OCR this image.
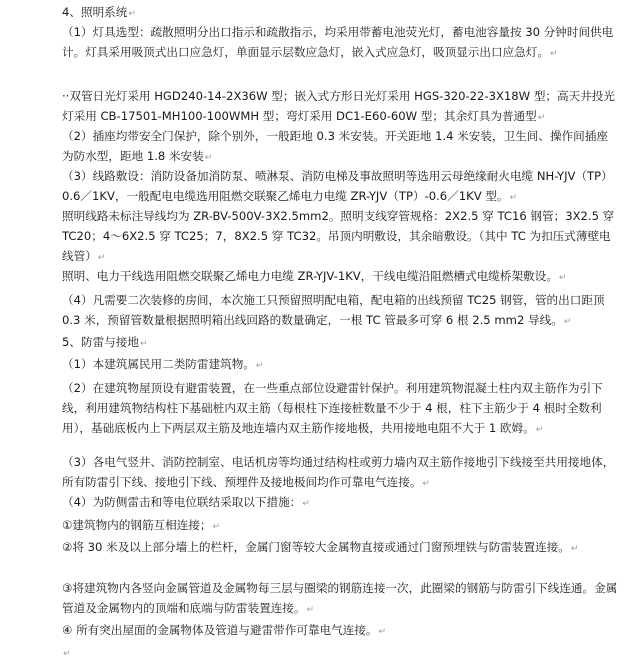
4、照明系统↵

（1）灯具选型：疏散照明分出口指示和疏散指示，均采用带蓄电池荧光灯，蓄电池容量按 30 分钟时间供电计。灯具采用吸顶式出口应急灯，单面显示层数应急灯，嵌入式应急灯，吸顶显示出口应急灯。↵

··双管日光灯采用 HGD240-14-2X36W 型；嵌入式方形日光灯采用 HGS-320-22-3X18W 型；高天井投光灯采用 CB-17501-MH100-100WMH 型；弯灯采用 DC1-E60-60W 型；其余灯具为普通型↵

（2）插座均带安全门保护，除个别外，一般距地 0.3 米安装。开关距地 1.4 米安装，卫生间、操作间插座为防水型，距地 1.8 米安装↵

（3）线路敷设：消防设备加消防泵、喷淋泵、消防电梯及事故照明等选用云母绝缘耐火电缆 NH-YJV（TP）0.6／1KV，一般配电电缆选用阻燃交联聚乙烯电力电缆 ZR-YJV（TP）-0.6／1KV 型。↵

照明线路未标注导线均为 ZR-BV-500V-3X2.5mm2。照明支线穿管规格：2X2.5 穿 TC16 钢管；3X2.5 穿 TC20；4～6X2.5 穿 TC25；7，8X2.5 穿 TC32。吊顶内明敷设，其余暗敷设。（其中 TC 为扣压式薄壁电线管）↵

照明、电力干线选用阻燃交联聚乙烯电力电缆 ZR-YJV-1KV，干线电缆沿阻燃槽式电缆桥架敷设。↵

（4）凡需要二次装修的房间，本次施工只预留照明配电箱，配电箱的出线预留 TC25 钢管，管的出口距顶 0.3 米，预留管数量根据照明箱出线回路的数量确定，一根 TC 管最多可穿 6 根 2.5 mm2 导线。↵

5、防雷与接地↵

（1）本建筑属民用二类防雷建筑物。↵

（2）在建筑物屋顶设有避雷装置，在一些重点部位设避雷针保护。利用建筑物混凝土柱内双主筋作为引下线，利用建筑物结构柱下基础桩内双主筋（每根柱下连接桩数量不少于 4 根，柱下主筋少于 4 根时全数利用），基础底板内上下两层双主筋及地连墙内双主筋作接地极，共用接地电阻不大于 1 欧姆。↵

（3）各电气竖井、消防控制室、电话机房等均通过结构柱或剪力墙内双主筋作接地引下线接至共用接地体，所有防雷引下线、接地引下线、预埋件及接地极间均作可靠电气连接。↵

（4）为防侧雷击和等电位联结采取以下措施：↵

①建筑物内的钢筋互相连接；↵

②将 30 米及以上部分墙上的栏杆，金属门窗等较大金属物直接或通过门窗预埋铁与防雷装置连接。↵

③将建筑物内各竖向金属管道及金属物每三层与圈梁的钢筋连接一次，此圈梁的钢筋与防雷引下线连通。金属管道及金属物内的顶端和底端与防雷装置连接。↵

④ 所有突出屋面的金属物体及管道与避雷带作可靠电气连接。↵

↵
